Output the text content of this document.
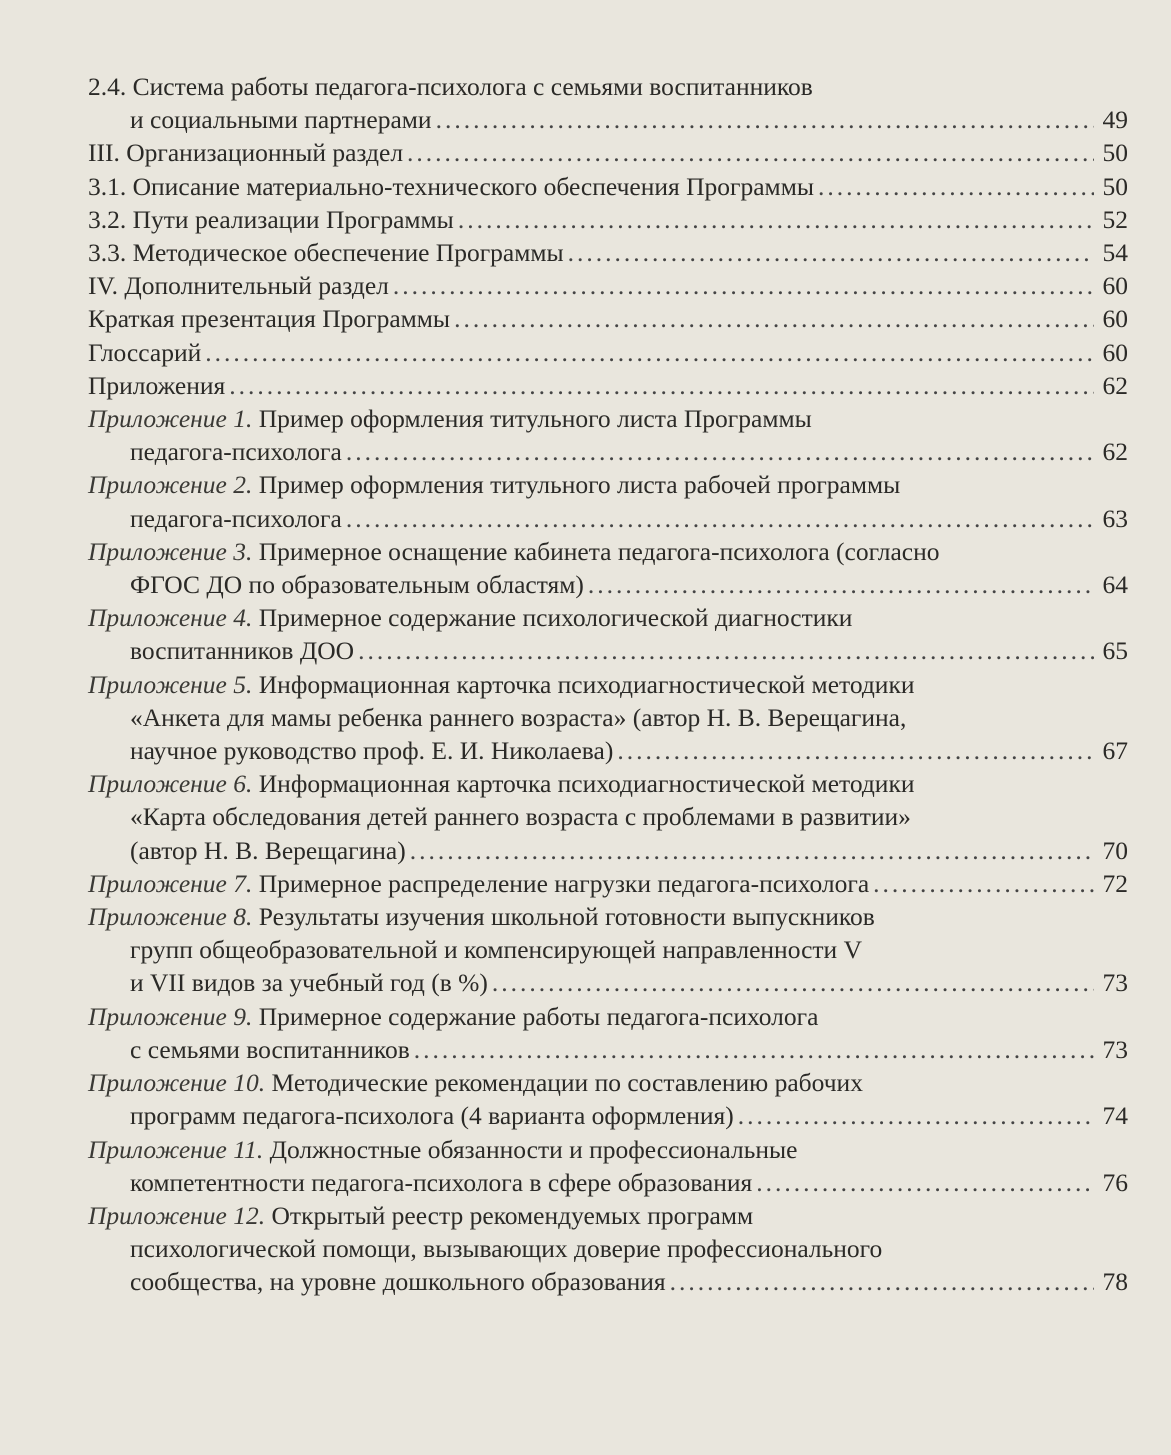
2.4. Система работы педагога-психолога с семьями воспитанников
и социальными партнерами .....	49
III. Организационный раздел .....	50
3.1. Описание материально-технического обеспечения Программы .....	50
3.2. Пути реализации Программы .....	52
3.3. Методическое обеспечение Программы .....	54
IV. Дополнительный раздел .....	60
Краткая презентация Программы .....	60
Глоссарий .....	60
Приложения .....	62
Приложение 1. Пример оформления титульного листа Программы
педагога-психолога .....	62
Приложение 2. Пример оформления титульного листа рабочей программы
педагога-психолога .....	63
Приложение 3. Примерное оснащение кабинета педагога-психолога (согласно
ФГОС ДО по образовательным областям) .....	64
Приложение 4. Примерное содержание психологической диагностики
воспитанников ДОО .....	65
Приложение 5. Информационная карточка психодиагностической методики
«Анкета для мамы ребенка раннего возраста» (автор Н. В. Верещагина,
научное руководство проф. Е. И. Николаева) .....	67
Приложение 6. Информационная карточка психодиагностической методики
«Карта обследования детей раннего возраста с проблемами в развитии»
(автор Н. В. Верещагина) .....	70
Приложение 7. Примерное распределение нагрузки педагога-психолога .....	72
Приложение 8. Результаты изучения школьной готовности выпускников
групп общеобразовательной и компенсирующей направленности V
и VII видов за учебный год (в %) .....	73
Приложение 9. Примерное содержание работы педагога-психолога
с семьями воспитанников .....	73
Приложение 10. Методические рекомендации по составлению рабочих
программ педагога-психолога (4 варианта оформления) .....	74
Приложение 11. Должностные обязанности и профессиональные
компетентности педагога-психолога в сфере образования .....	76
Приложение 12. Открытый реестр рекомендуемых программ
психологической помощи, вызывающих доверие профессионального
сообщества, на уровне дошкольного образования .....	78
